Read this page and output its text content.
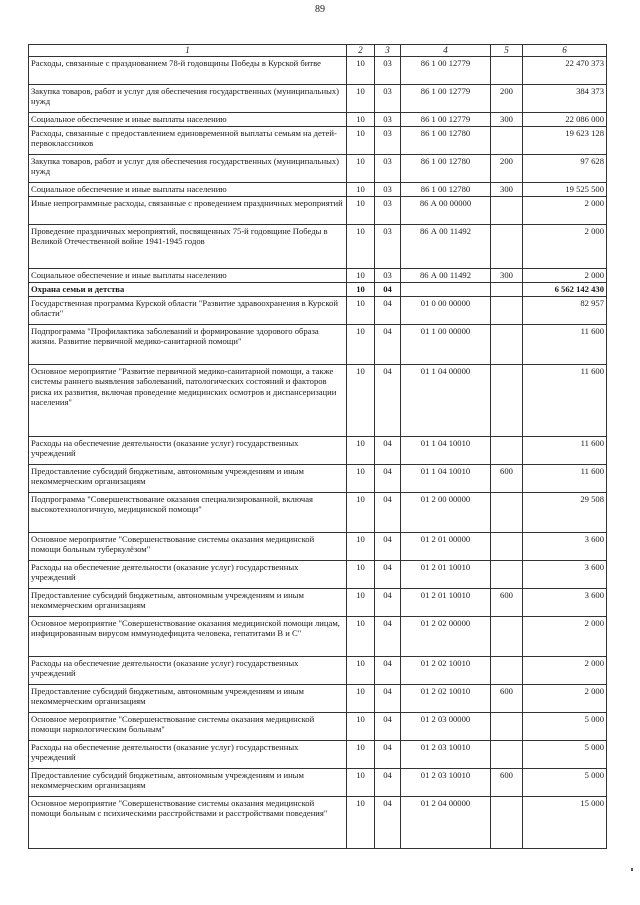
89
1	2	3	4	5	6
Расходы, связанные с празднованием 78-й годовщины Победы в Курской битве	10	03	86 1 00 12779		22 470 373
Закупка товаров, работ и услуг для обеспечения государственных (муниципальных) нужд	10	03	86 1 00 12779	200	384 373
Социальное обеспечение и иные выплаты населению	10	03	86 1 00 12779	300	22 086 000
Расходы, связанные с предоставлением единовременной выплаты семьям на детей-первоклассников	10	03	86 1 00 12780		19 623 128
Закупка товаров, работ и услуг для обеспечения государственных (муниципальных) нужд	10	03	86 1 00 12780	200	97 628
Социальное обеспечение и иные выплаты населению	10	03	86 1 00 12780	300	19 525 500
Иные непрограммные расходы, связанные с проведением праздничных мероприятий	10	03	86 А 00 00000		2 000
Проведение праздничных мероприятий, посвященных 75-й годовщине Победы в Великой Отечественной войне 1941-1945 годов	10	03	86 А 00 11492		2 000
Социальное обеспечение и иные выплаты населению	10	03	86 А 00 11492	300	2 000
Охрана семьи и детства	10	04			6 562 142 430
Государственная программа Курской области "Развитие здравоохранения в Курской области"	10	04	01 0 00 00000		82 957
Подпрограмма "Профилактика заболеваний и формирование здорового образа жизни. Развитие первичной медико-санитарной помощи"	10	04	01 1 00 00000		11 600
Основное мероприятие "Развитие первичной медико-санитарной помощи, а также системы раннего выявления заболеваний, патологических состояний и факторов риска их развития, включая проведение медицинских осмотров и диспансеризации населения"	10	04	01 1 04 00000		11 600
Расходы на обеспечение деятельности (оказание услуг) государственных учреждений	10	04	01 1 04 10010		11 600
Предоставление субсидий бюджетным, автономным учреждениям и иным некоммерческим организациям	10	04	01 1 04 10010	600	11 600
Подпрограмма "Совершенствование оказания специализированной, включая высокотехнологичную, медицинской помощи"	10	04	01 2 00 00000		29 508
Основное мероприятие "Совершенствование системы оказания медицинской помощи больным туберкулёзом"	10	04	01 2 01 00000		3 600
Расходы на обеспечение деятельности (оказание услуг) государственных учреждений	10	04	01 2 01 10010		3 600
Предоставление субсидий бюджетным, автономным учреждениям и иным некоммерческим организациям	10	04	01 2 01 10010	600	3 600
Основное мероприятие "Совершенствование оказания медицинской помощи лицам, инфицированным вирусом иммунодефицита человека, гепатитами В и С"	10	04	01 2 02 00000		2 000
Расходы на обеспечение деятельности (оказание услуг) государственных учреждений	10	04	01 2 02 10010		2 000
Предоставление субсидий бюджетным, автономным учреждениям и иным некоммерческим организациям	10	04	01 2 02 10010	600	2 000
Основное мероприятие "Совершенствование системы оказания медицинской помощи наркологическим больным"	10	04	01 2 03 00000		5 000
Расходы на обеспечение деятельности (оказание услуг) государственных учреждений	10	04	01 2 03 10010		5 000
Предоставление субсидий бюджетным, автономным учреждениям и иным некоммерческим организациям	10	04	01 2 03 10010	600	5 000
Основное мероприятие "Совершенствование системы оказания медицинской помощи больным с психическими расстройствами и расстройствами поведения"	10	04	01 2 04 00000		15 000
